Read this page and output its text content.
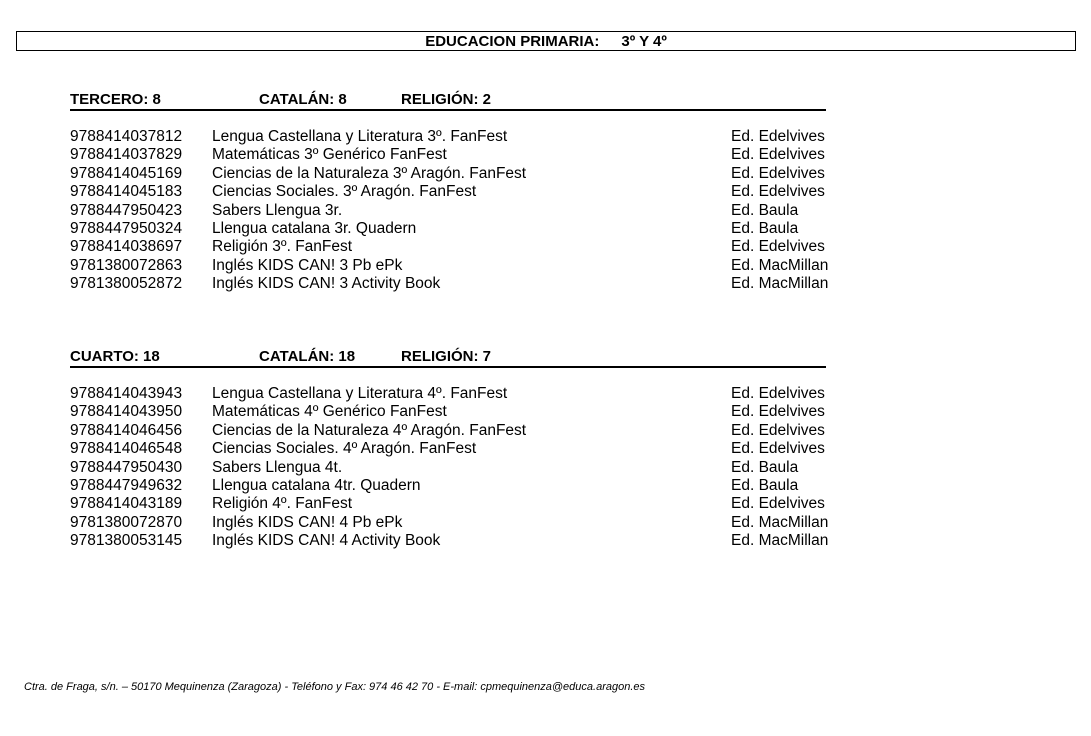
EDUCACION PRIMARIA: 3º Y 4º
TERCERO: 8	CATALÁN: 8	RELIGIÓN: 2
9788414037812 Lengua Castellana y Literatura 3º. FanFest	Ed. Edelvives
9788414037829 Matemáticas 3º Genérico FanFest	Ed. Edelvives
9788414045169 Ciencias de la Naturaleza 3º Aragón. FanFest	Ed. Edelvives
9788414045183 Ciencias Sociales. 3º Aragón. FanFest	Ed. Edelvives
9788447950423 Sabers Llengua 3r.	Ed. Baula
9788447950324 Llengua catalana 3r. Quadern	Ed. Baula
9788414038697 Religión 3º. FanFest	Ed. Edelvives
9781380072863 Inglés KIDS CAN! 3 Pb ePk	Ed. MacMillan
9781380052872 Inglés KIDS CAN! 3 Activity Book	Ed. MacMillan
CUARTO: 18	CATALÁN: 18	RELIGIÓN: 7
9788414043943 Lengua Castellana y Literatura 4º. FanFest	Ed. Edelvives
9788414043950 Matemáticas 4º Genérico FanFest	Ed. Edelvives
9788414046456 Ciencias de la Naturaleza 4º Aragón. FanFest	Ed. Edelvives
9788414046548 Ciencias Sociales. 4º Aragón. FanFest	Ed. Edelvives
9788447950430 Sabers Llengua 4t.	Ed. Baula
9788447949632 Llengua catalana 4tr. Quadern	Ed. Baula
9788414043189 Religión 4º. FanFest	Ed. Edelvives
9781380072870 Inglés KIDS CAN! 4 Pb ePk	Ed. MacMillan
9781380053145 Inglés KIDS CAN! 4 Activity Book	Ed. MacMillan
Ctra. de Fraga, s/n. – 50170 Mequinenza (Zaragoza) - Teléfono y Fax: 974 46 42 70 - E-mail: cpmequinenza@educa.aragon.es
